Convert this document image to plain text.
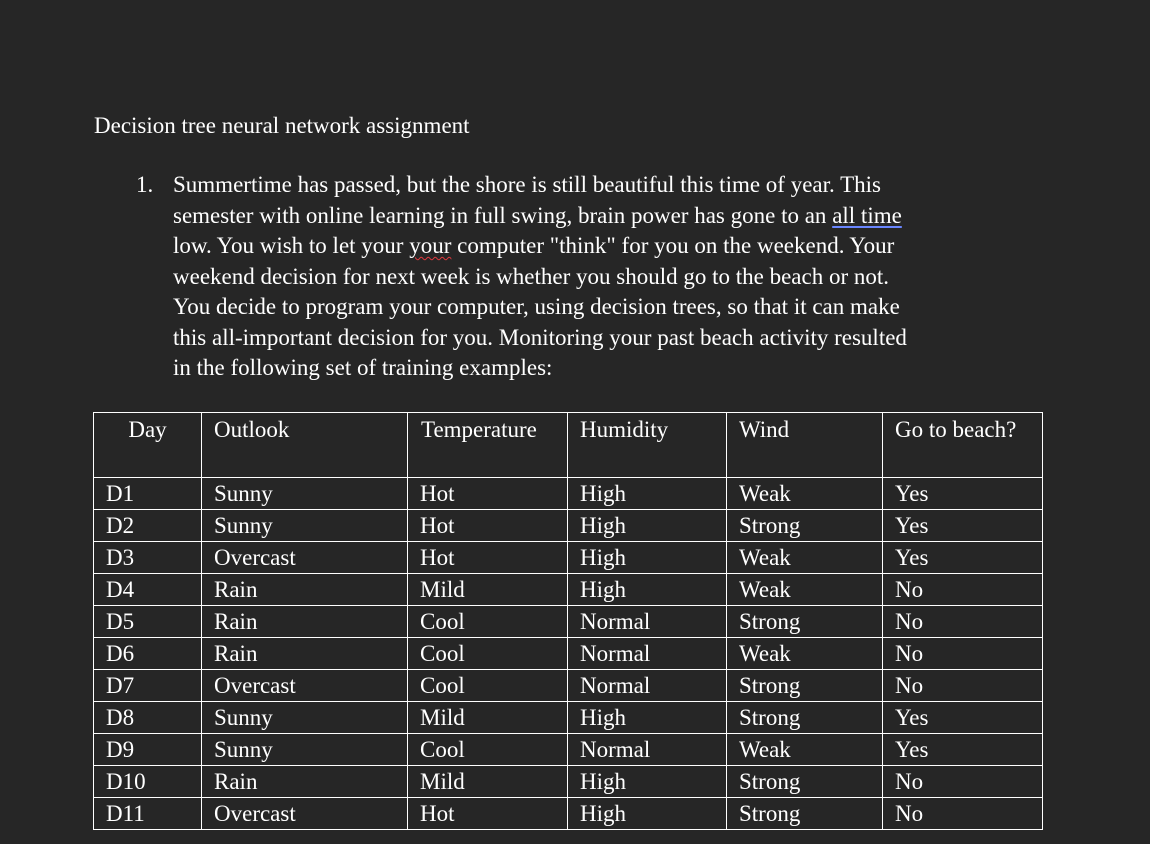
Decision tree neural network assignment
1. Summertime has passed, but the shore is still beautiful this time of year. This
semester with online learning in full swing, brain power has gone to an all time
low. You wish to let your your computer "think" for you on the weekend. Your
weekend decision for next week is whether you should go to the beach or not.
You decide to program your computer, using decision trees, so that it can make
this all-important decision for you. Monitoring your past beach activity resulted
in the following set of training examples:
Day	Outlook	Temperature	Humidity	Wind	Go to beach?
D1	Sunny	Hot	High	Weak	Yes
D2	Sunny	Hot	High	Strong	Yes
D3	Overcast	Hot	High	Weak	Yes
D4	Rain	Mild	High	Weak	No
D5	Rain	Cool	Normal	Strong	No
D6	Rain	Cool	Normal	Weak	No
D7	Overcast	Cool	Normal	Strong	No
D8	Sunny	Mild	High	Strong	Yes
D9	Sunny	Cool	Normal	Weak	Yes
D10	Rain	Mild	High	Strong	No
D11	Overcast	Hot	High	Strong	No
